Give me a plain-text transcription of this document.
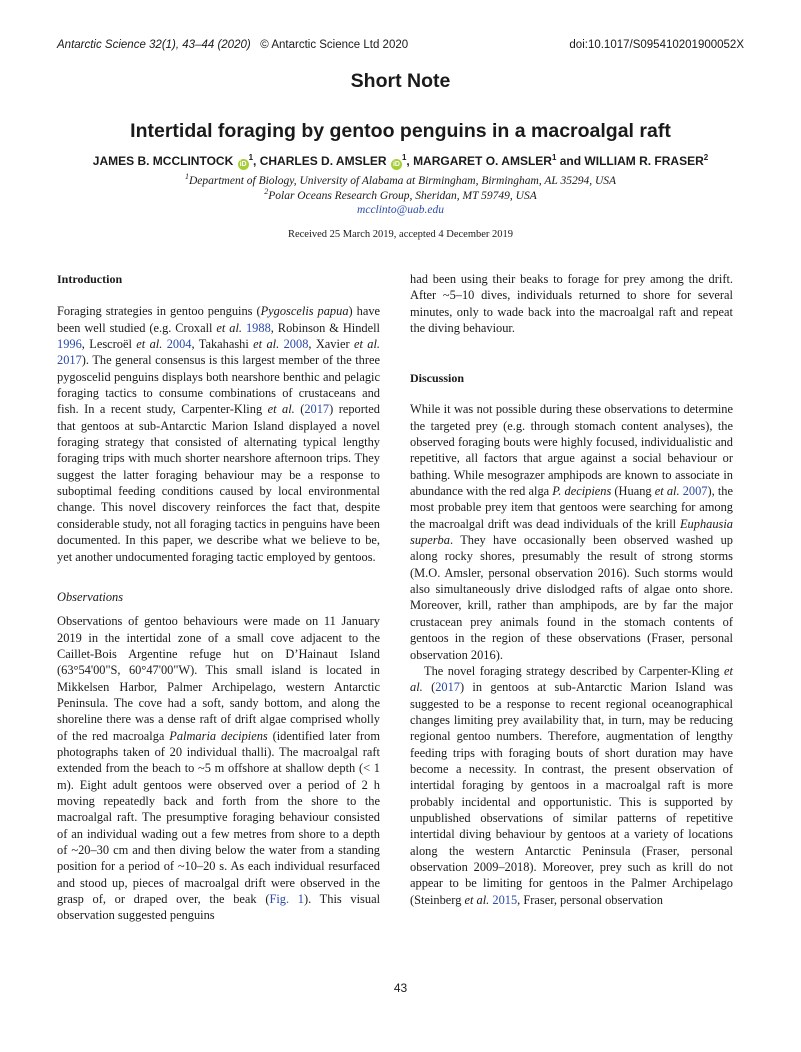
Antarctic Science 32(1), 43–44 (2020) © Antarctic Science Ltd 2020	doi:10.1017/S095410201900052X
Short Note
Intertidal foraging by gentoo penguins in a macroalgal raft
JAMES B. MCCLINTOCK $iD^1$, CHARLES D. AMSLER $iD^1$, MARGARET O. AMSLER$^1$ and WILLIAM R. FRASER$^2$
$^1$Department of Biology, University of Alabama at Birmingham, Birmingham, AL 35294, USA
$^2$Polar Oceans Research Group, Sheridan, MT 59749, USA
mcclinto@uab.edu
Received 25 March 2019, accepted 4 December 2019

Introduction

Foraging strategies in gentoo penguins (Pygoscelis papua) have been well studied (e.g. Croxall et al. 1988, Robinson & Hindell 1996, Lescroël et al. 2004, Takahashi et al. 2008, Xavier et al. 2017). The general consensus is this largest member of the three pygoscelid penguins displays both nearshore benthic and pelagic foraging tactics to consume combinations of crustaceans and fish. In a recent study, Carpenter-Kling et al. (2017) reported that gentoos at sub-Antarctic Marion Island displayed a novel foraging strategy that consisted of alternating typical lengthy foraging trips with much shorter nearshore afternoon trips. They suggest the latter foraging behaviour may be a response to suboptimal feeding conditions caused by local environmental change. This novel discovery reinforces the fact that, despite considerable study, not all foraging tactics in penguins have been documented. In this paper, we describe what we believe to be, yet another undocumented foraging tactic employed by gentoos.

Observations

Observations of gentoo behaviours were made on 11 January 2019 in the intertidal zone of a small cove adjacent to the Caillet-Bois Argentine refuge hut on D’Hainaut Island (63°54'00"S, 60°47'00"W). This small island is located in Mikkelsen Harbor, Palmer Archipelago, western Antarctic Peninsula. The cove had a soft, sandy bottom, and along the shoreline there was a dense raft of drift algae comprised wholly of the red macroalga Palmaria decipiens (identified later from photographs taken of 20 individual thalli). The macroalgal raft extended from the beach to ~5 m offshore at shallow depth (< 1 m). Eight adult gentoos were observed over a period of 2 h moving repeatedly back and forth from the shore to the macroalgal raft. The presumptive foraging behaviour consisted of an individual wading out a few metres from shore to a depth of ~20–30 cm and then diving below the water from a standing position for a period of ~10–20 s. As each individual resurfaced and stood up, pieces of macroalgal drift were observed in the grasp of, or draped over, the beak (Fig. 1). This visual observation suggested penguins

had been using their beaks to forage for prey among the drift. After ~5–10 dives, individuals returned to shore for several minutes, only to wade back into the macroalgal raft and repeat the diving behaviour.

Discussion

While it was not possible during these observations to determine the targeted prey (e.g. through stomach content analyses), the observed foraging bouts were highly focused, individualistic and repetitive, all factors that argue against a social behaviour or bathing. While mesograzer amphipods are known to associate in abundance with the red alga P. decipiens (Huang et al. 2007), the most probable prey item that gentoos were searching for among the macroalgal drift was dead individuals of the krill Euphausia superba. They have occasionally been observed washed up along rocky shores, presumably the result of strong storms (M.O. Amsler, personal observation 2016). Such storms would also simultaneously drive dislodged rafts of algae onto shore. Moreover, krill, rather than amphipods, are by far the major crustacean prey animals found in the stomach contents of gentoos in the region of these observations (Fraser, personal observation 2016).

The novel foraging strategy described by Carpenter-Kling et al. (2017) in gentoos at sub-Antarctic Marion Island was suggested to be a response to recent regional oceanographical changes limiting prey availability that, in turn, may be reducing regional gentoo numbers. Therefore, augmentation of lengthy feeding trips with foraging bouts of short duration may have become a necessity. In contrast, the present observation of intertidal foraging by gentoos in a macroalgal raft is more probably incidental and opportunistic. This is supported by unpublished observations of similar patterns of repetitive intertidal diving behaviour by gentoos at a variety of locations along the western Antarctic Peninsula (Fraser, personal observation 2009–2018). Moreover, prey such as krill do not appear to be limiting for gentoos in the Palmer Archipelago (Steinberg et al. 2015, Fraser, personal observation

43
